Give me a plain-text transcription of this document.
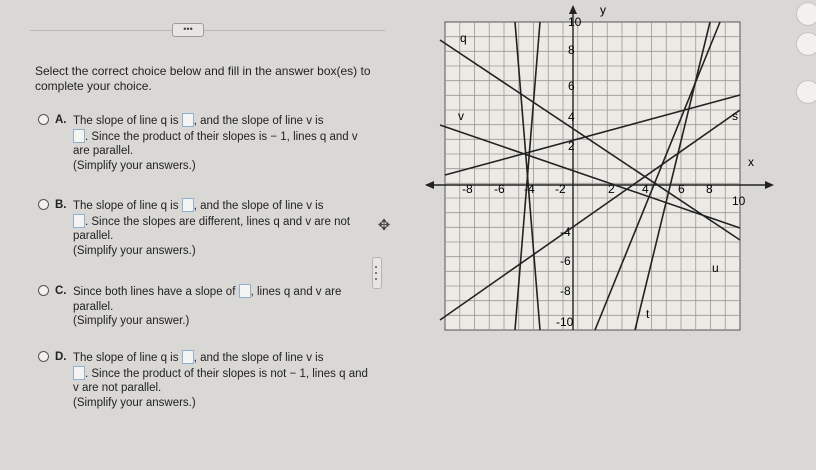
•••
Select the correct choice below and fill in the answer box(es) to complete your choice.
A. The slope of line q is , and the slope of line v is
. Since the product of their slopes is − 1, lines q and v are parallel.
(Simplify your answers.)
B. The slope of line q is , and the slope of line v is
. Since the slopes are different, lines q and v are not parallel.
(Simplify your answers.)
C. Since both lines have a slope of , lines q and v are parallel.
(Simplify your answer.)
D. The slope of line q is , and the slope of line v is
. Since the product of their slopes is not − 1, lines q and v are not parallel.
(Simplify your answers.)
✥
y
x
-8 -6 -4 -2	2 4 6 8
10
10
8
6
4
2
-4
-6
-8
-10
q
v	s
u
t
